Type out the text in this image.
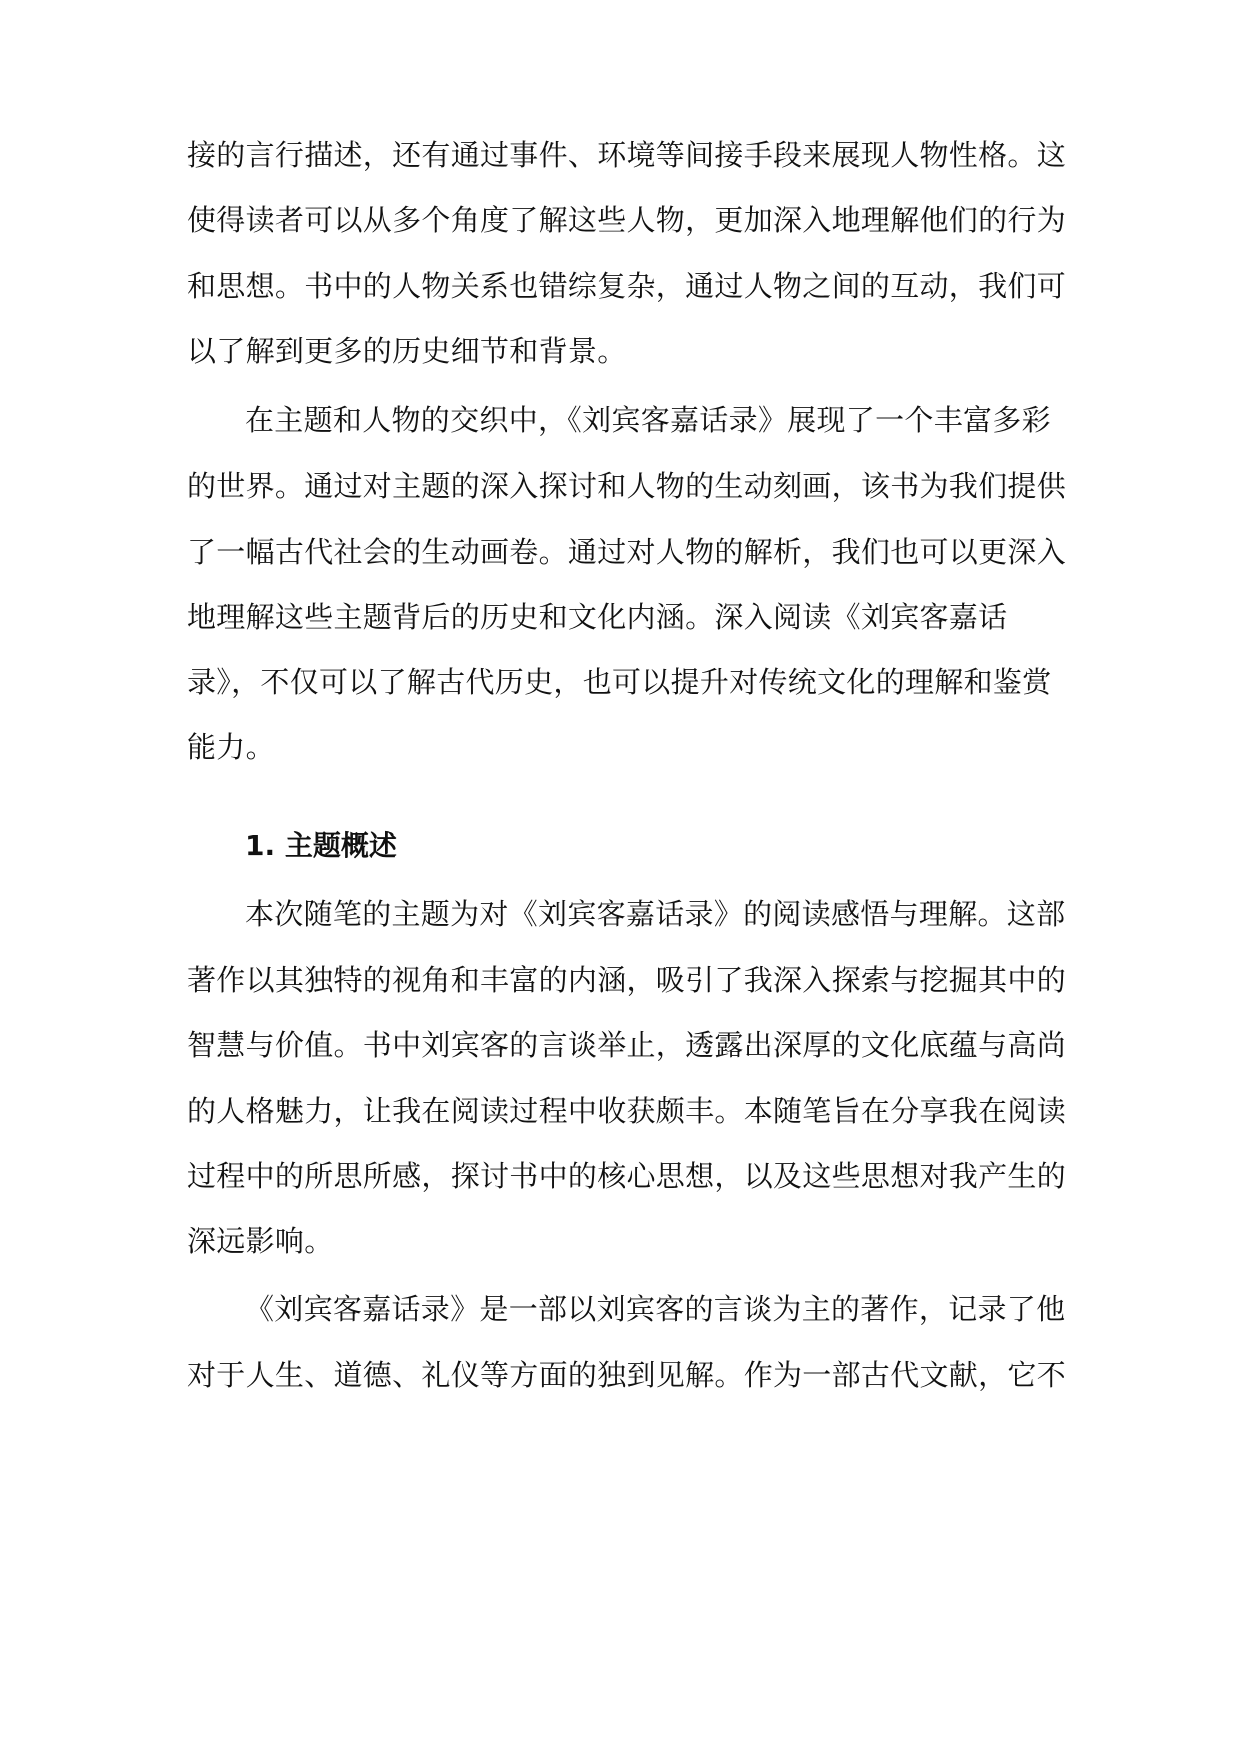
接的言行描述，还有通过事件、环境等间接手段来展现人物性格。这
使得读者可以从多个角度了解这些人物，更加深入地理解他们的行为
和思想。书中的人物关系也错综复杂，通过人物之间的互动，我们可
以了解到更多的历史细节和背景。
在主题和人物的交织中，《刘宾客嘉话录》展现了一个丰富多彩
的世界。通过对主题的深入探讨和人物的生动刻画，该书为我们提供
了一幅古代社会的生动画卷。通过对人物的解析，我们也可以更深入
地理解这些主题背后的历史和文化内涵。深入阅读《刘宾客嘉话
录》，不仅可以了解古代历史，也可以提升对传统文化的理解和鉴赏
能力。
1. 主题概述
本次随笔的主题为对《刘宾客嘉话录》的阅读感悟与理解。这部
著作以其独特的视角和丰富的内涵，吸引了我深入探索与挖掘其中的
智慧与价值。书中刘宾客的言谈举止，透露出深厚的文化底蕴与高尚
的人格魅力，让我在阅读过程中收获颇丰。本随笔旨在分享我在阅读
过程中的所思所感，探讨书中的核心思想，以及这些思想对我产生的
深远影响。
《刘宾客嘉话录》是一部以刘宾客的言谈为主的著作，记录了他
对于人生、道德、礼仪等方面的独到见解。作为一部古代文献，它不
